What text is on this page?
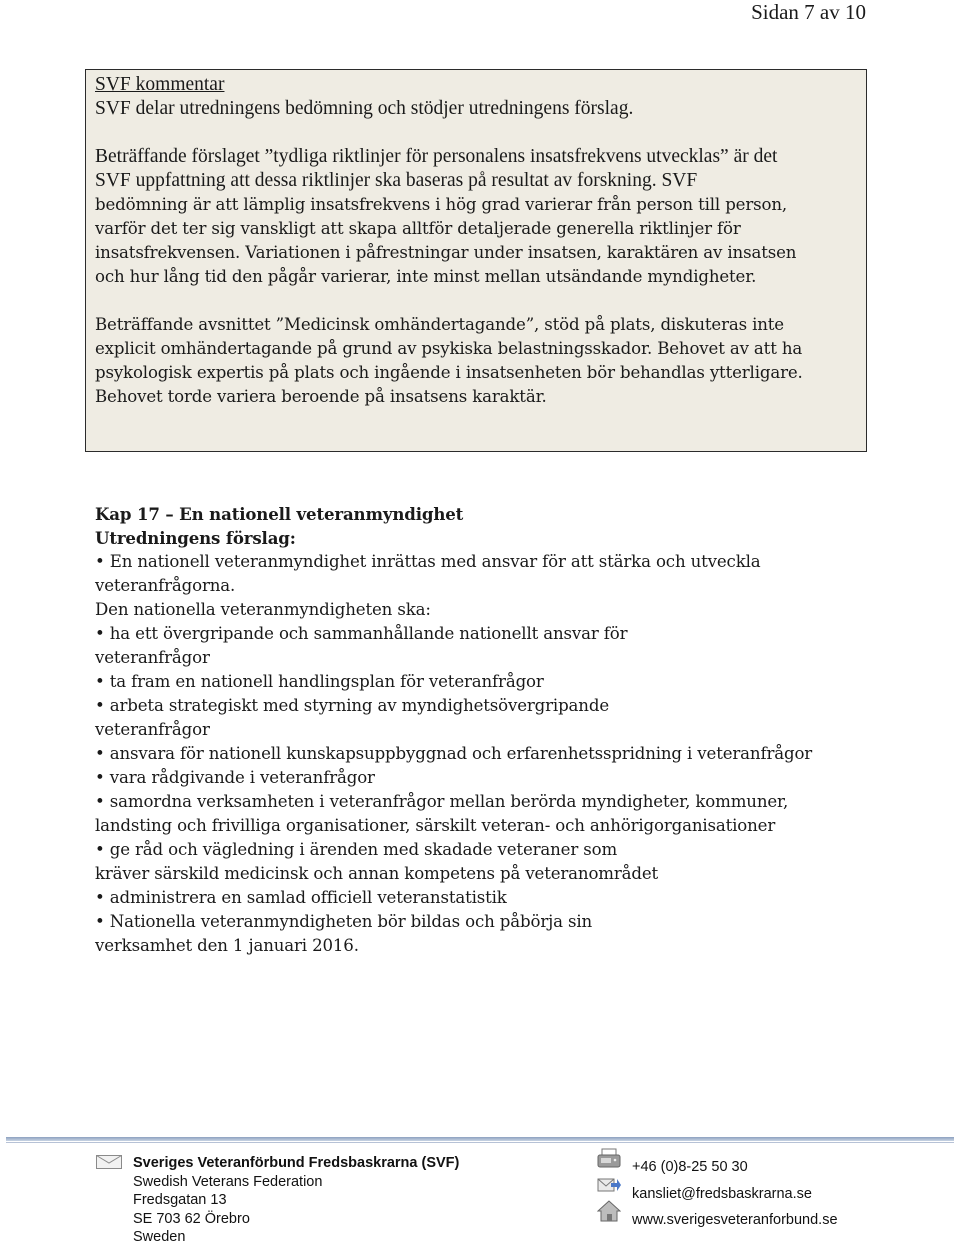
Sidan 7 av 10
SVF kommentar
SVF delar utredningens bedömning och stödjer utredningens förslag.
Beträffande förslaget ”tydliga riktlinjer för personalens insatsfrekvens utvecklas” är det
SVF uppfattning att dessa riktlinjer ska baseras på resultat av forskning. SVF
bedömning är att lämplig insatsfrekvens i hög grad varierar från person till person,
varför det ter sig vanskligt att skapa alltför detaljerade generella riktlinjer för
insatsfrekvensen. Variationen i påfrestningar under insatsen, karaktären av insatsen
och hur lång tid den pågår varierar, inte minst mellan utsändande myndigheter.
Beträffande avsnittet ”Medicinsk omhändertagande”, stöd på plats, diskuteras inte
explicit omhändertagande på grund av psykiska belastningsskador. Behovet av att ha
psykologisk expertis på plats och ingående i insatsenheten bör behandlas ytterligare.
Behovet torde variera beroende på insatsens karaktär.
Kap 17 – En nationell veteranmyndighet
Utredningens förslag:
• En nationell veteranmyndighet inrättas med ansvar för att stärka och utveckla
veteranfrågorna.
Den nationella veteranmyndigheten ska:
• ha ett övergripande och sammanhållande nationellt ansvar för
veteranfrågor
• ta fram en nationell handlingsplan för veteranfrågor
• arbeta strategiskt med styrning av myndighetsövergripande
veteranfrågor
• ansvara för nationell kunskapsuppbyggnad och erfarenhetsspridning i veteranfrågor
• vara rådgivande i veteranfrågor
• samordna verksamheten i veteranfrågor mellan berörda myndigheter, kommuner,
landsting och frivilliga organisationer, särskilt veteran- och anhörigorganisationer
• ge råd och vägledning i ärenden med skadade veteraner som
kräver särskild medicinsk och annan kompetens på veteranområdet
• administrera en samlad officiell veteranstatistik
• Nationella veteranmyndigheten bör bildas och påbörja sin
verksamhet den 1 januari 2016.
Sveriges Veteranförbund Fredsbaskrarna (SVF)
Swedish Veterans Federation
Fredsgatan 13
SE 703 62 Örebro
Sweden
+46 (0)8-25 50 30
kansliet@fredsbaskrarna.se
www.sverigesveteranforbund.se
